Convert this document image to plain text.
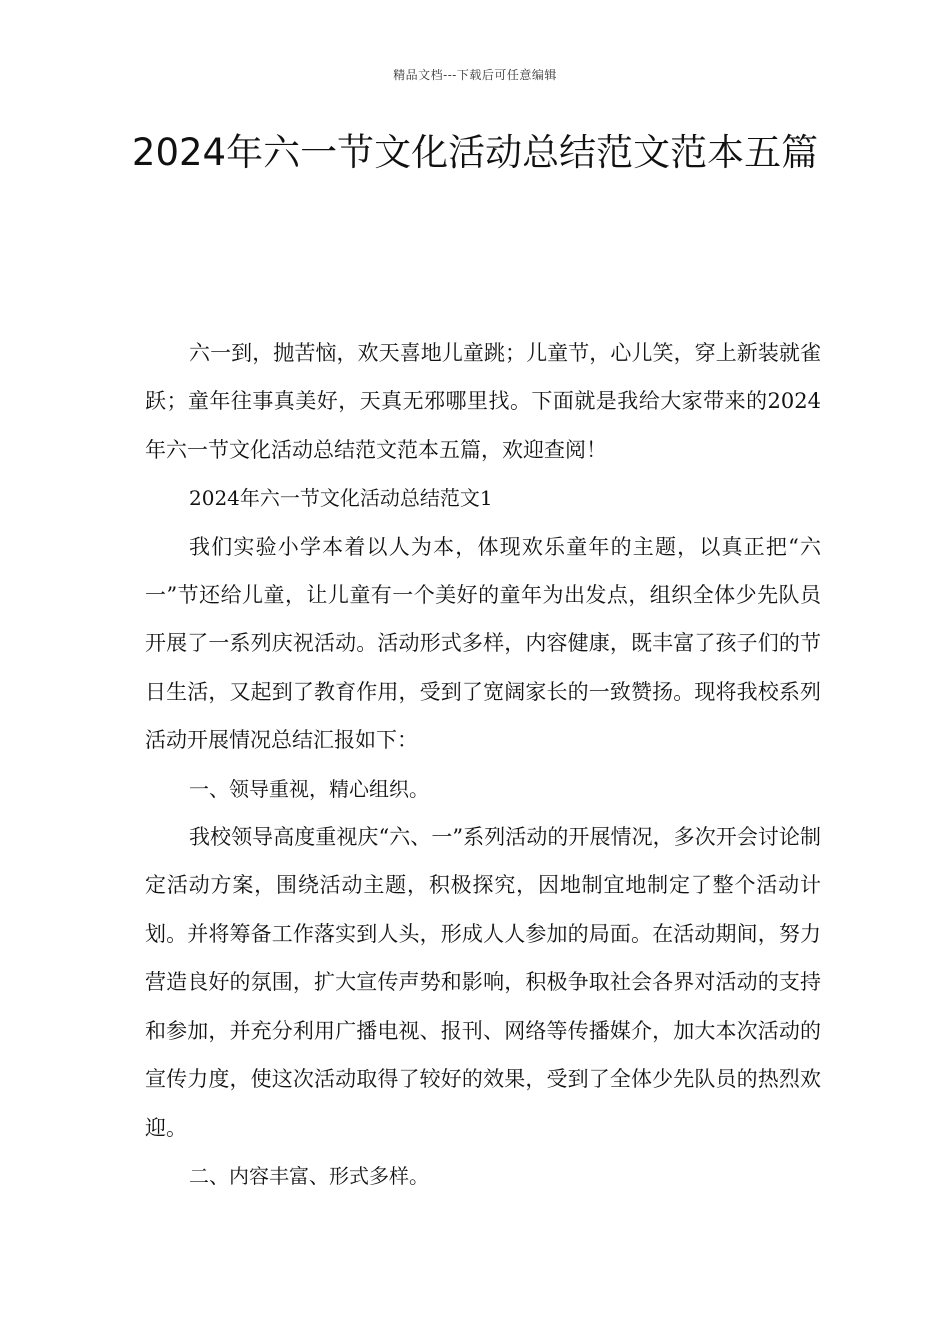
精品文档---下载后可任意编辑
2024年六一节文化活动总结范文范本五篇

六一到，抛苦恼，欢天喜地儿童跳；儿童节，心儿笑，穿上新装就雀跃；童年往事真美好，天真无邪哪里找。下面就是我给大家带来的2024年六一节文化活动总结范文范本五篇，欢迎查阅！

2024年六一节文化活动总结范文1

我们实验小学本着以人为本，体现欢乐童年的主题，以真正把“六一”节还给儿童，让儿童有一个美好的童年为出发点，组织全体少先队员开展了一系列庆祝活动。活动形式多样，内容健康，既丰富了孩子们的节日生活，又起到了教育作用，受到了宽阔家长的一致赞扬。现将我校系列活动开展情况总结汇报如下：

一、领导重视，精心组织。

我校领导高度重视庆“六、一”系列活动的开展情况，多次开会讨论制定活动方案，围绕活动主题，积极探究，因地制宜地制定了整个活动计划。并将筹备工作落实到人头，形成人人参加的局面。在活动期间，努力营造良好的氛围，扩大宣传声势和影响，积极争取社会各界对活动的支持和参加，并充分利用广播电视、报刊、网络等传播媒介，加大本次活动的宣传力度，使这次活动取得了较好的效果，受到了全体少先队员的热烈欢迎。

二、内容丰富、形式多样。
